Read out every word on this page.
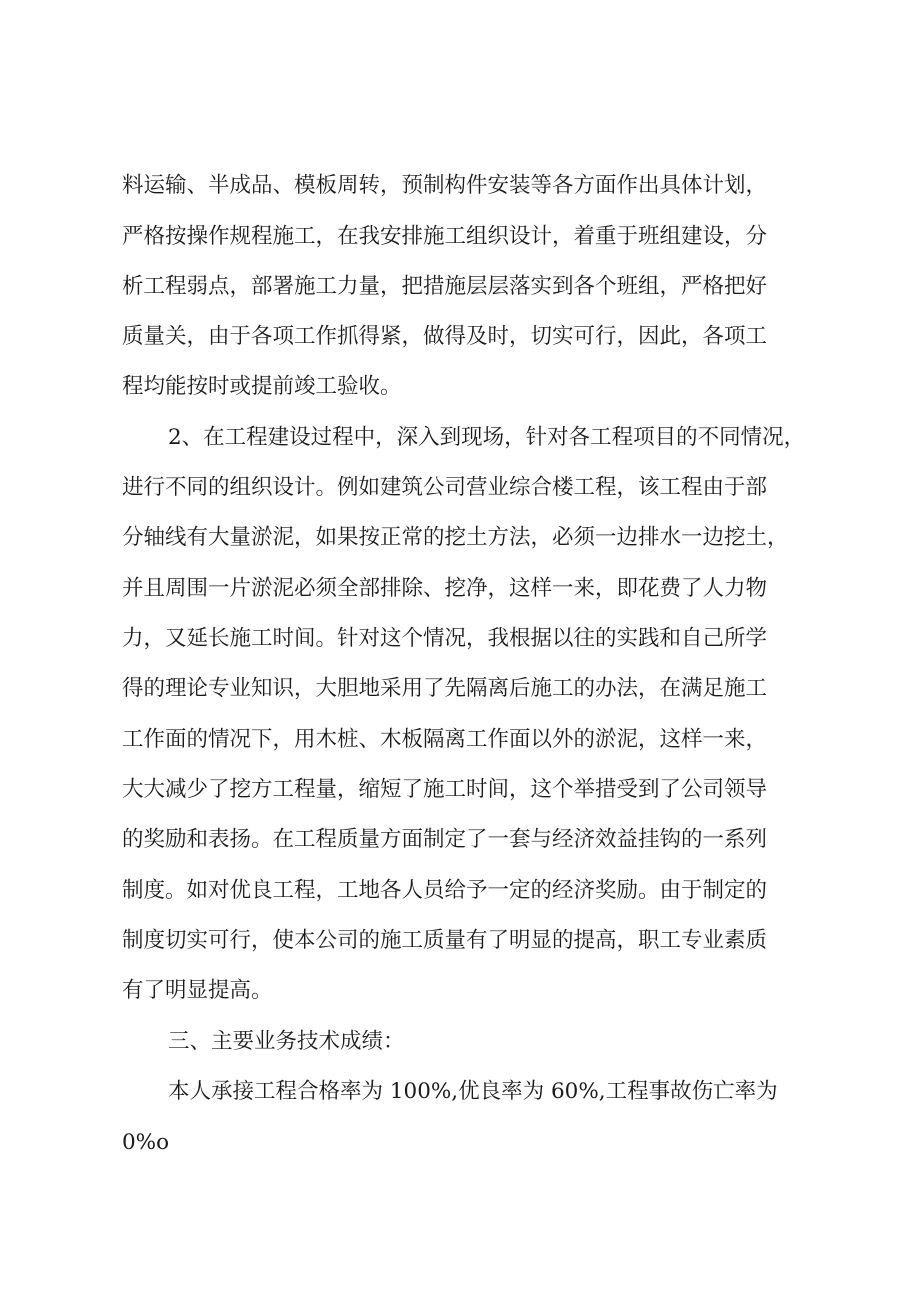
料运输、半成品、模板周转，预制构件安装等各方面作出具体计划，

严格按操作规程施工，在我安排施工组织设计，着重于班组建设，分

析工程弱点，部署施工力量，把措施层层落实到各个班组，严格把好

质量关，由于各项工作抓得紧，做得及时，切实可行，因此，各项工

程均能按时或提前竣工验收。

2、在工程建设过程中，深入到现场，针对各工程项目的不同情况，

进行不同的组织设计。例如建筑公司营业综合楼工程，该工程由于部

分轴线有大量淤泥，如果按正常的挖土方法，必须一边排水一边挖土，

并且周围一片淤泥必须全部排除、挖净，这样一来，即花费了人力物

力，又延长施工时间。针对这个情况，我根据以往的实践和自己所学

得的理论专业知识，大胆地采用了先隔离后施工的办法，在满足施工

工作面的情况下，用木桩、木板隔离工作面以外的淤泥，这样一来，

大大减少了挖方工程量，缩短了施工时间，这个举措受到了公司领导

的奖励和表扬。在工程质量方面制定了一套与经济效益挂钩的一系列

制度。如对优良工程，工地各人员给予一定的经济奖励。由于制定的

制度切实可行，使本公司的施工质量有了明显的提高，职工专业素质

有了明显提高。

三、主要业务技术成绩：

本人承接工程合格率为 100%,优良率为 60%,工程事故伤亡率为

0%o
